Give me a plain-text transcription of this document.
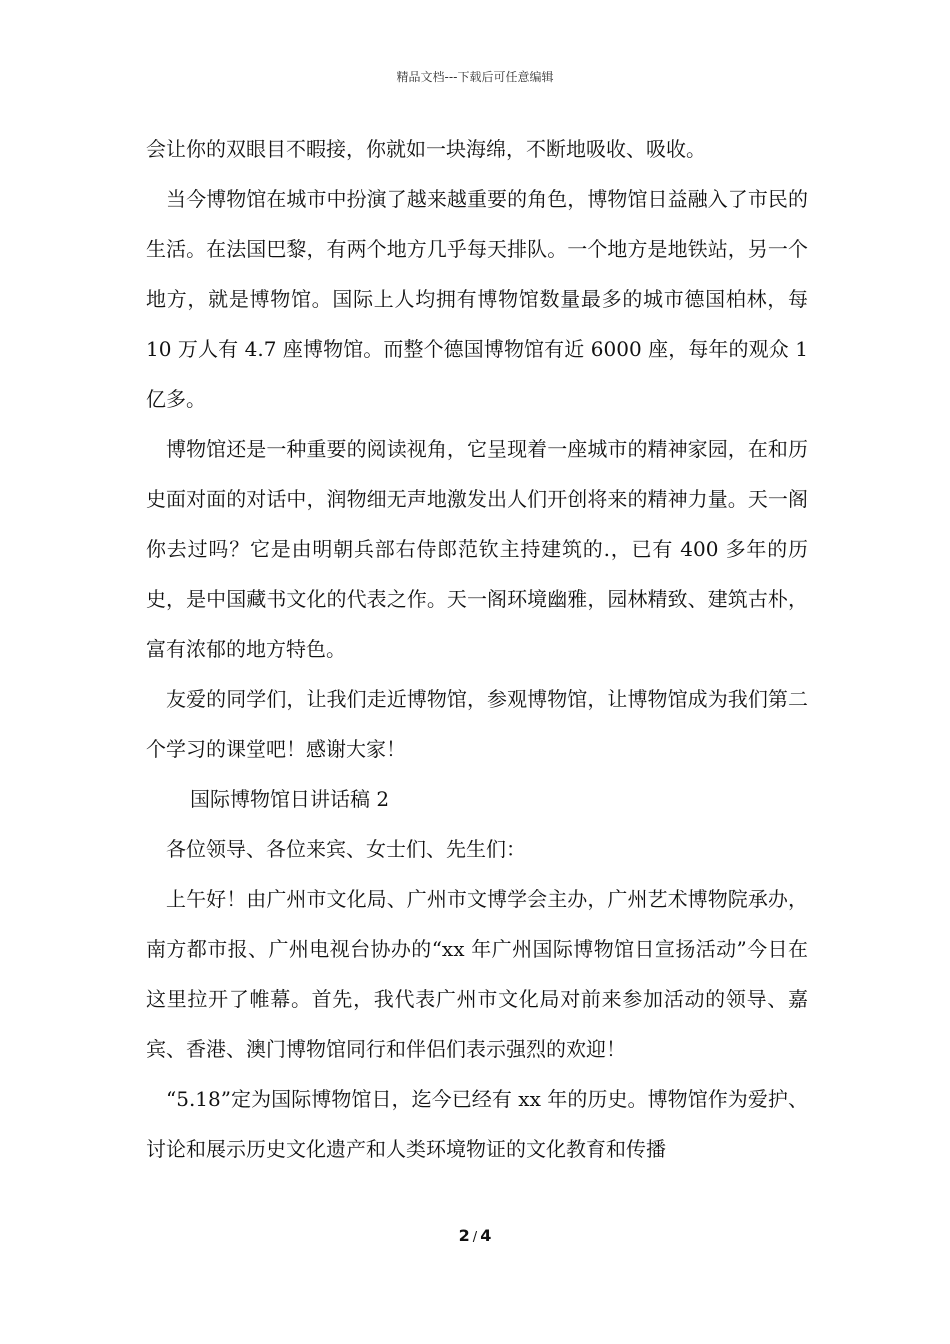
精品文档---下载后可任意编辑

会让你的双眼目不暇接，你就如一块海绵，不断地吸收、吸收。

当今博物馆在城市中扮演了越来越重要的角色，博物馆日益融入了市民的生活。在法国巴黎，有两个地方几乎每天排队。一个地方是地铁站，另一个地方，就是博物馆。国际上人均拥有博物馆数量最多的城市德国柏林，每 10 万人有 4.7 座博物馆。而整个德国博物馆有近 6000 座，每年的观众 1 亿多。

博物馆还是一种重要的阅读视角，它呈现着一座城市的精神家园，在和历史面对面的对话中，润物细无声地激发出人们开创将来的精神力量。天一阁你去过吗？它是由明朝兵部右侍郎范钦主持建筑的.，已有 400 多年的历史，是中国藏书文化的代表之作。天一阁环境幽雅，园林精致、建筑古朴，富有浓郁的地方特色。

友爱的同学们，让我们走近博物馆，参观博物馆，让博物馆成为我们第二个学习的课堂吧！感谢大家！

国际博物馆日讲话稿 2

各位领导、各位来宾、女士们、先生们：

上午好！由广州市文化局、广州市文博学会主办，广州艺术博物院承办，南方都市报、广州电视台协办的“xx 年广州国际博物馆日宣扬活动”今日在这里拉开了帷幕。首先，我代表广州市文化局对前来参加活动的领导、嘉宾、香港、澳门博物馆同行和伴侣们表示强烈的欢迎！

“5.18”定为国际博物馆日，迄今已经有 xx 年的历史。博物馆作为爱护、讨论和展示历史文化遗产和人类环境物证的文化教育和传播

2 / 4
